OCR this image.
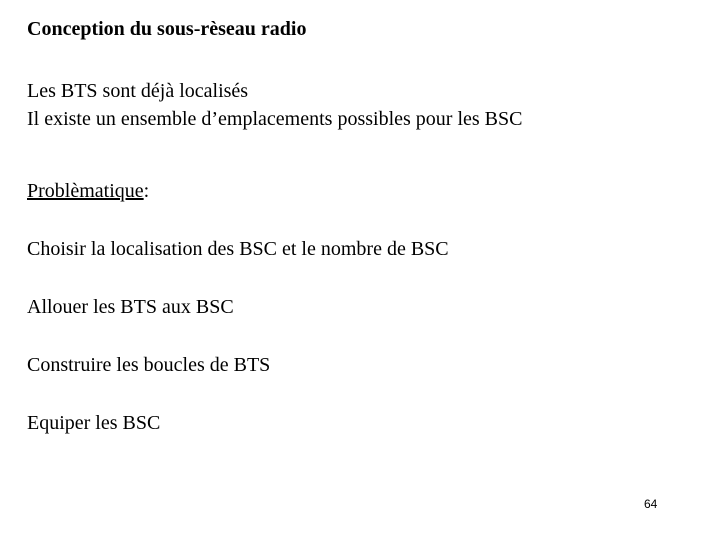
Conception du sous-rèseau radio
Les BTS sont déjà localisés
Il existe un ensemble d’emplacements possibles pour les BSC
Problèmatique:
Choisir la localisation des BSC et le nombre de BSC
Allouer les BTS aux BSC
Construire les boucles de BTS
Equiper les BSC
64
